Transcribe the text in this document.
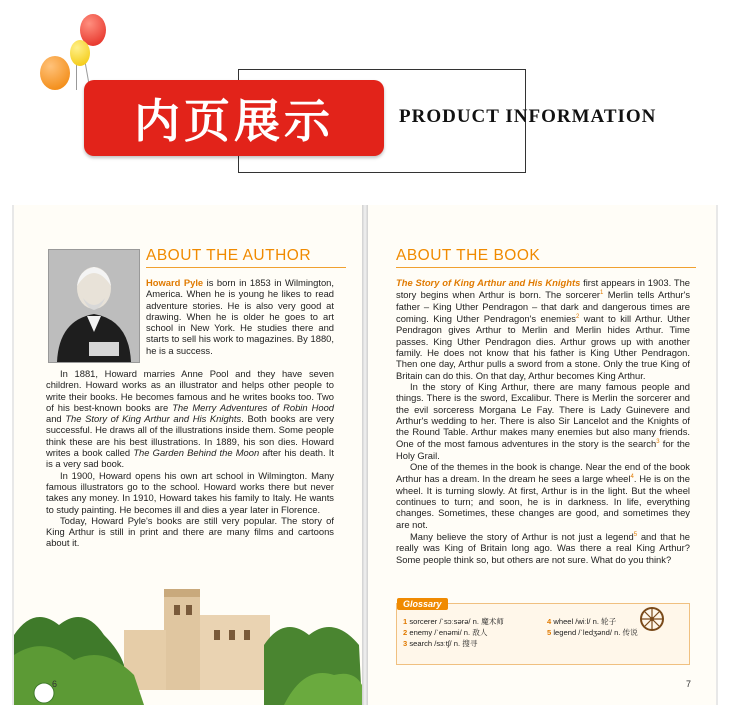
内页展示	PRODUCT INFORMATION
ABOUT THE AUTHOR
Howard Pyle is born in 1853 in Wilmington, America. When he is young he likes to read adventure stories. He is also very good at drawing. When he is older he goes to art school in New York. He studies there and starts to sell his work to magazines. By 1880, he is a success.

In 1881, Howard marries Anne Pool and they have seven children. Howard works as an illustrator and helps other people to write their books. He becomes famous and he writes books too. Two of his best-known books are The Merry Adventures of Robin Hood and The Story of King Arthur and His Knights. Both books are very successful. He draws all of the illustrations inside them. Some people think these are his best illustrations. In 1889, his son dies. Howard writes a book called The Garden Behind the Moon after his death. It is a very sad book.

In 1900, Howard opens his own art school in Wilmington. Many famous illustrators go to the school. Howard works there but never takes any money. In 1910, Howard takes his family to Italy. He wants to study painting. He becomes ill and dies a year later in Florence.

Today, Howard Pyle's books are still very popular. The story of King Arthur is still in print and there are many films and cartoons about it.

6
ABOUT THE BOOK

The Story of King Arthur and His Knights first appears in 1903. The story begins when Arthur is born. The sorcerer$^1$ Merlin tells Arthur's father – King Uther Pendragon – that dark and dangerous times are coming. King Uther Pendragon's enemies$^2$ want to kill Arthur. Uther Pendragon gives Arthur to Merlin and Merlin hides Arthur. Time passes. King Uther Pendragon dies. Arthur grows up with another family. He does not know that his father is King Uther Pendragon. Then one day, Arthur pulls a sword from a stone. Only the true King of Britain can do this. On that day, Arthur becomes King Arthur.

In the story of King Arthur, there are many famous people and things. There is the sword, Excalibur. There is Merlin the sorcerer and the evil sorceress Morgana Le Fay. There is Lady Guinevere and Arthur's wedding to her. There is also Sir Lancelot and the Knights of the Round Table. Arthur makes many enemies but also many friends. One of the most famous adventures in the story is the search$^3$ for the Holy Grail.

One of the themes in the book is change. Near the end of the book Arthur has a dream. In the dream he sees a large wheel$^4$. He is on the wheel. It is turning slowly. At first, Arthur is in the light. But the wheel continues to turn; and soon, he is in darkness. In life, everything changes. Sometimes, these changes are good, and sometimes they are not.

Many believe the story of Arthur is not just a legend$^5$ and that he really was King of Britain long ago. Was there a real King Arthur? Some people think so, but others are not sure. What do you think?

Glossary
1 sorcerer /ˈsɔːsərə/ n. 魔术师
2 enemy /ˈenəmi/ n. 敌人
3 search /sɜːtʃ/ n. 搜寻
4 wheel /wiːl/ n. 轮子
5 legend /ˈledʒənd/ n. 传说
7
